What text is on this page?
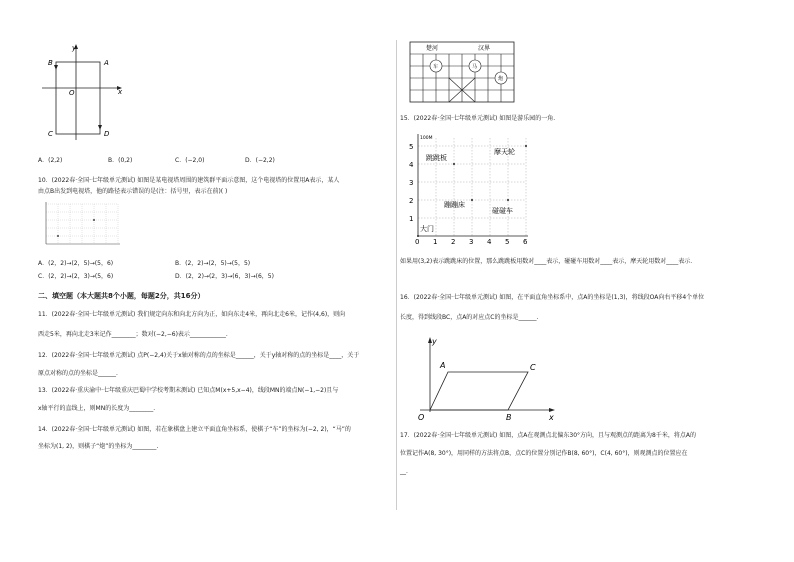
y
x
O
A
B
C	D
A．(2,2)	B．(0,2)	C．(−2,0)	D．(−2,2)
10．(2022春·全国·七年级单元测试) 如图是某电视塔周围的建筑群平面示意图，这个电视塔的位置用A表示，某人
由点B出发到电视塔，他的路径表示错误的是(注：括号里，表示在前)( )
A．(2，2)→(2，5)→(5，6)	B．(2，2)→(2，5)→(5，5)
C．(2，2)→(2，3)→(5，6)	D．(2，2)→(2，3)→(6，3)→(6，5)
二、填空题（本大题共8个小题，每题2分，共16分）
11．(2022春·全国·七年级单元测试) 我们规定向东和向北方向为正，如向东走4米，再向北走6米，记作(4,6)，则向
西走5米，再向北走3米记作________；数对(−2,−6)表示____________.
12．(2022春·全国·七年级单元测试) 点P(−2,4)关于x轴对称的点的坐标是______，关于y轴对称的点的坐标是____，关于
原点对称的点的坐标是______.
13．(2022春·重庆渝中·七年级重庆巴蜀中学校考期末测试) 已知点M(x+5,x−4)，线段MN的端点N(−1,−2)且与
x轴平行的直线上，则MN的长度为________.
14．(2022春·全国·七年级单元测试) 如图，若在象棋盘上建立平面直角坐标系，使棋子“车”的坐标为(−2, 2)，“马”的
坐标为(1, 2)，则棋子“炮”的坐标为________.
楚河	汉界
车	马
炮
15．(2022春·全国·七年级单元测试) 如图是游乐园的一角.
100M
5
4
3
2
1
0 1 2 3 4 5 6
跳跳板
摩天轮
蹦蹦床
碰碰车
大门
如果用(3,2)表示跳跳床的位置，那么跳跳板用数对____表示，碰碰车用数对____表示，摩天轮用数对____表示.
16．(2022春·全国·七年级单元测试) 如图，在平面直角坐标系中，点A的坐标是(1,3)，将线段OA向右平移4个单位
长度，得到线段BC，点A的对应点C的坐标是______.
y
x
O
A
B
C
17．(2022春·全国·七年级单元测试) 如图，点A在观测点北偏东30°方向，且与观测点的距离为8千米，将点A的
位置记作A(8, 30°)，用同样的方法将点B，点C的位置分别记作B(8, 60°)，C(4, 60°)，则观测点的位置应在
__.
